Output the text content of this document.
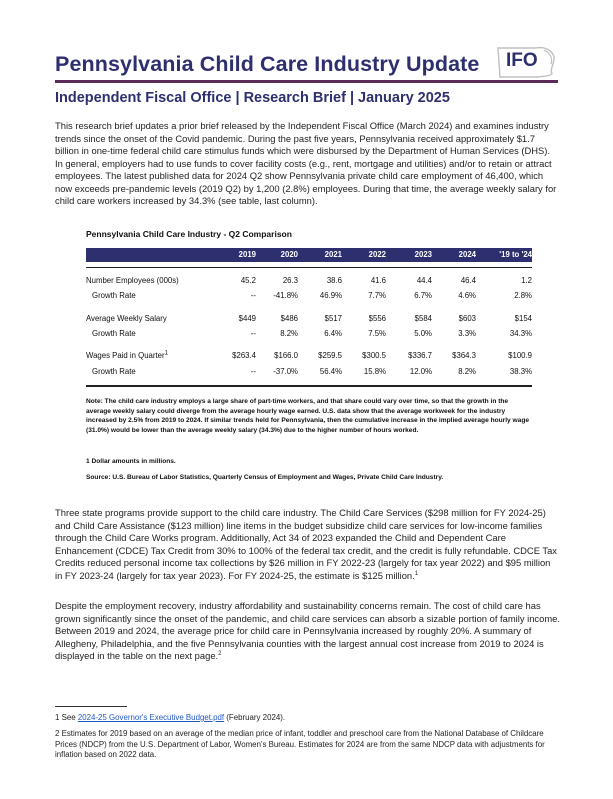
Pennsylvania Child Care Industry Update IFO
Independent Fiscal Office | Research Brief | January 2025

This research brief updates a prior brief released by the Independent Fiscal Office (March 2024) and examines industry trends since the onset of the Covid pandemic. During the past five years, Pennsylvania received approximately $1.7 billion in one-time federal child care stimulus funds which were disbursed by the Department of Human Services (DHS). In general, employers had to use funds to cover facility costs (e.g., rent, mortgage and utilities) and/or to retain or attract employees. The latest published data for 2024 Q2 show Pennsylvania private child care employment of 46,400, which now exceeds pre-pandemic levels (2019 Q2) by 1,200 (2.8%) employees. During that time, the average weekly salary for child care workers increased by 34.3% (see table, last column).

Pennsylvania Child Care Industry - Q2 Comparison
2019	2020	2021	2022	2023	2024	'19 to '24
Number Employees (000s)	45.2	26.3	38.6	41.6	44.4	46.4	1.2
Growth Rate	--	-41.8%	46.9%	7.7%	6.7%	4.6%	2.8%
Average Weekly Salary	$449	$486	$517	$556	$584	$603	$154
Growth Rate	--	8.2%	6.4%	7.5%	5.0%	3.3%	34.3%
Wages Paid in Quarter$^1$	$263.4	$166.0	$259.5	$300.5	$336.7	$364.3	$100.9
Growth Rate	--	-37.0%	56.4%	15.8%	12.0%	8.2%	38.3%

Note: The child care industry employs a large share of part-time workers, and that share could vary over time, so that the growth in the average weekly salary could diverge from the average hourly wage earned. U.S. data show that the average workweek for the industry increased by 2.5% from 2019 to 2024. If similar trends held for Pennsylvania, then the cumulative increase in the implied average hourly wage (31.0%) would be lower than the average weekly salary (34.3%) due to the higher number of hours worked.

1 Dollar amounts in millions.

Source: U.S. Bureau of Labor Statistics, Quarterly Census of Employment and Wages, Private Child Care Industry.

Three state programs provide support to the child care industry. The Child Care Services ($298 million for FY 2024-25) and Child Care Assistance ($123 million) line items in the budget subsidize child care services for low-income families through the Child Care Works program. Additionally, Act 34 of 2023 expanded the Child and Dependent Care Enhancement (CDCE) Tax Credit from 30% to 100% of the federal tax credit, and the credit is fully refundable. CDCE Tax Credits reduced personal income tax collections by $26 million in FY 2022-23 (largely for tax year 2022) and $95 million in FY 2023-24 (largely for tax year 2023). For FY 2024-25, the estimate is $125 million.$^1$

Despite the employment recovery, industry affordability and sustainability concerns remain. The cost of child care has grown significantly since the onset of the pandemic, and child care services can absorb a sizable portion of family income. Between 2019 and 2024, the average price for child care in Pennsylvania increased by roughly 20%. A summary of Allegheny, Philadelphia, and the five Pennsylvania counties with the largest annual cost increase from 2019 to 2024 is displayed in the table on the next page.$^2$

1 See 2024-25 Governor's Executive Budget.pdf (February 2024).

2 Estimates for 2019 based on an average of the median price of infant, toddler and preschool care from the National Database of Childcare Prices (NDCP) from the U.S. Department of Labor, Women's Bureau. Estimates for 2024 are from the same NDCP data with adjustments for inflation based on 2022 data.
